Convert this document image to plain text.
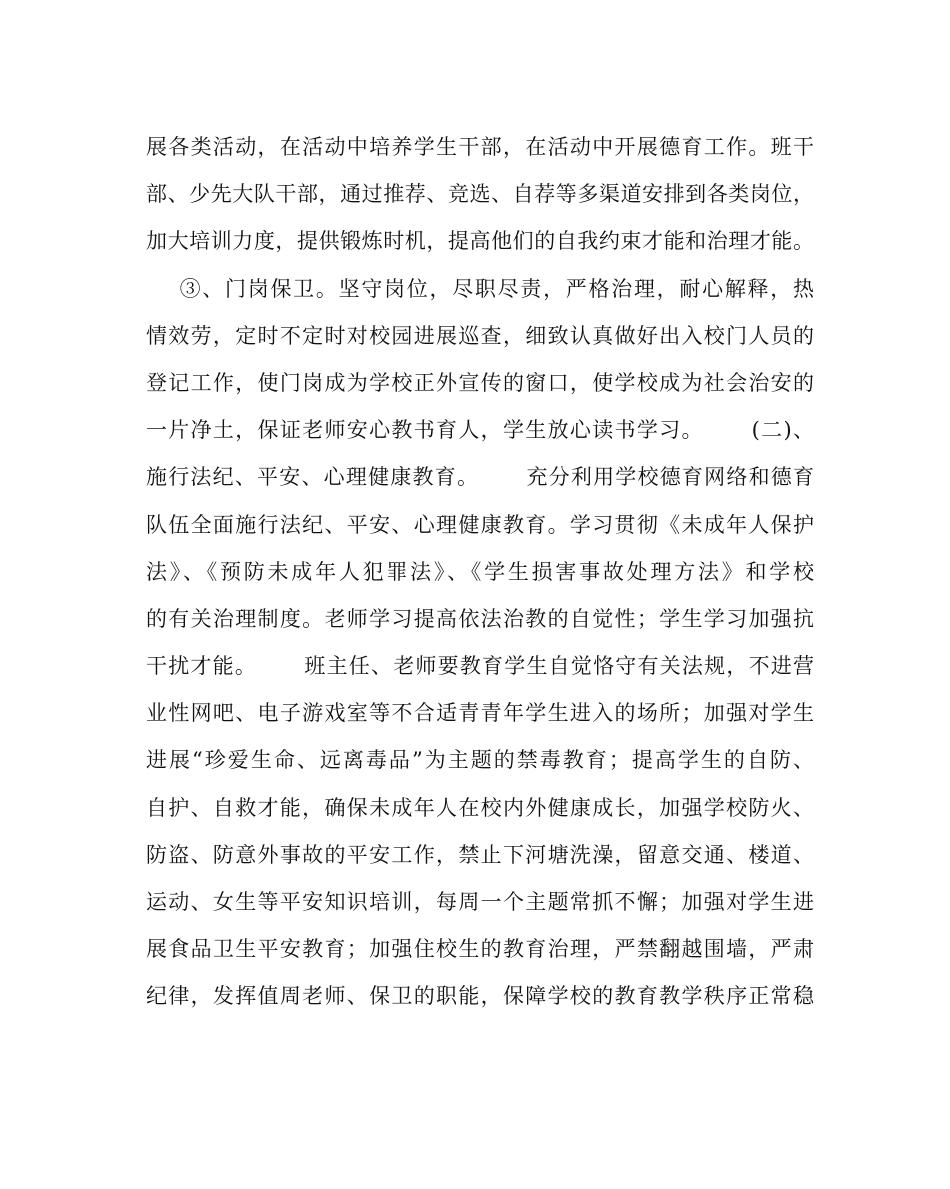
展各类活动，在活动中培养学生干部，在活动中开展德育工作。班干
部、少先大队干部，通过推荐、竞选、自荐等多渠道安排到各类岗位，
加大培训力度，提供锻炼时机，提高他们的自我约束才能和治理才能。
③、门岗保卫。坚守岗位，尽职尽责，严格治理，耐心解释，热
情效劳，定时不定时对校园进展巡查，细致认真做好出入校门人员的
登记工作，使门岗成为学校正外宣传的窗口，使学校成为社会治安的
一片净土，保证老师安心教书育人，学生放心读书学习。      (二)、
施行法纪、平安、心理健康教育。      充分利用学校德育网络和德育
队伍全面施行法纪、平安、心理健康教育。学习贯彻《未成年人保护
法》、《预防未成年人犯罪法》、《学生损害事故处理方法》和学校
的有关治理制度。老师学习提高依法治教的自觉性；学生学习加强抗
干扰才能。      班主任、老师要教育学生自觉恪守有关法规，不进营
业性网吧、电子游戏室等不合适青青年学生进入的场所；加强对学生
进展“珍爱生命、远离毒品”为主题的禁毒教育；提高学生的自防、
自护、自救才能，确保未成年人在校内外健康成长，加强学校防火、
防盗、防意外事故的平安工作，禁止下河塘洗澡，留意交通、楼道、
运动、女生等平安知识培训，每周一个主题常抓不懈；加强对学生进
展食品卫生平安教育；加强住校生的教育治理，严禁翻越围墙，严肃
纪律，发挥值周老师、保卫的职能，保障学校的教育教学秩序正常稳
